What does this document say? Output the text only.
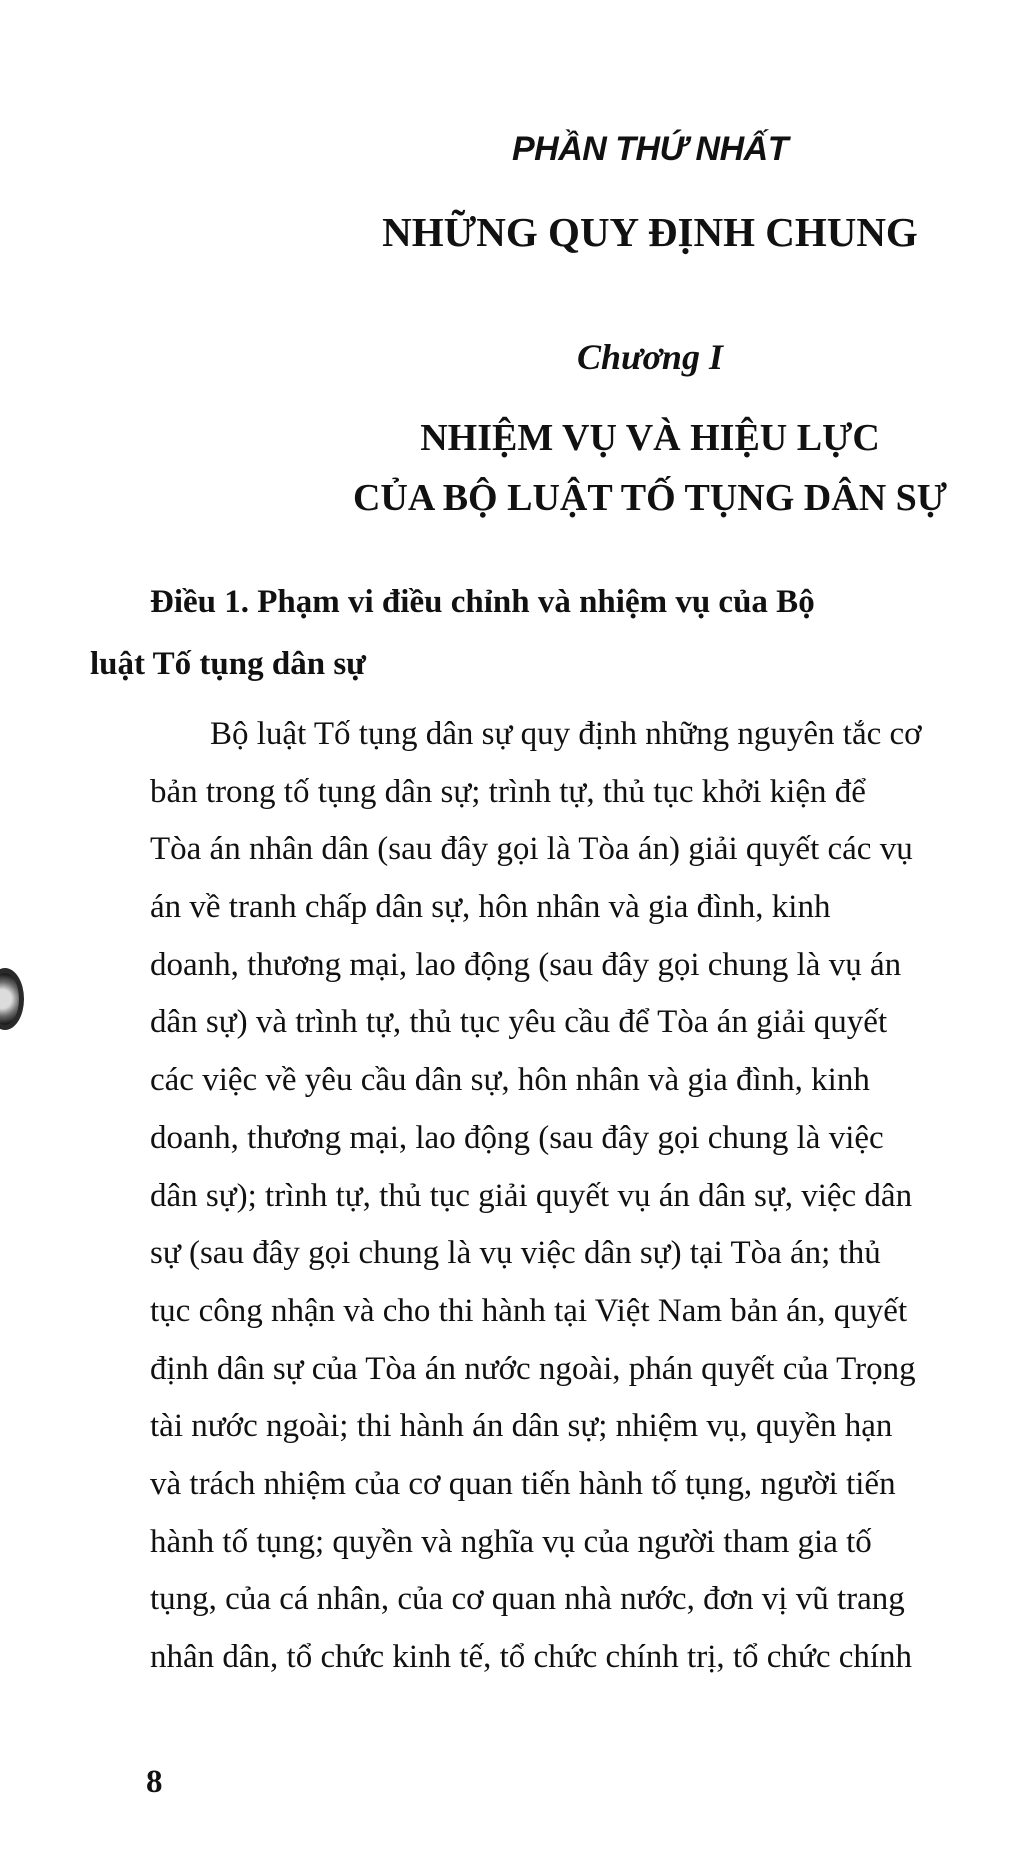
PHẦN THỨ NHẤT
NHỮNG QUY ĐỊNH CHUNG
Chương I
NHIỆM VỤ VÀ HIỆU LỰC
CỦA BỘ LUẬT TỐ TỤNG DÂN SỰ
Điều 1. Phạm vi điều chỉnh và nhiệm vụ của Bộ
luật Tố tụng dân sự
Bộ luật Tố tụng dân sự quy định những nguyên tắc cơ
bản trong tố tụng dân sự; trình tự, thủ tục khởi kiện để
Tòa án nhân dân (sau đây gọi là Tòa án) giải quyết các vụ
án về tranh chấp dân sự, hôn nhân và gia đình, kinh
doanh, thương mại, lao động (sau đây gọi chung là vụ án
dân sự) và trình tự, thủ tục yêu cầu để Tòa án giải quyết
các việc về yêu cầu dân sự, hôn nhân và gia đình, kinh
doanh, thương mại, lao động (sau đây gọi chung là việc
dân sự); trình tự, thủ tục giải quyết vụ án dân sự, việc dân
sự (sau đây gọi chung là vụ việc dân sự) tại Tòa án; thủ
tục công nhận và cho thi hành tại Việt Nam bản án, quyết
định dân sự của Tòa án nước ngoài, phán quyết của Trọng
tài nước ngoài; thi hành án dân sự; nhiệm vụ, quyền hạn
và trách nhiệm của cơ quan tiến hành tố tụng, người tiến
hành tố tụng; quyền và nghĩa vụ của người tham gia tố
tụng, của cá nhân, của cơ quan nhà nước, đơn vị vũ trang
nhân dân, tổ chức kinh tế, tổ chức chính trị, tổ chức chính
8
